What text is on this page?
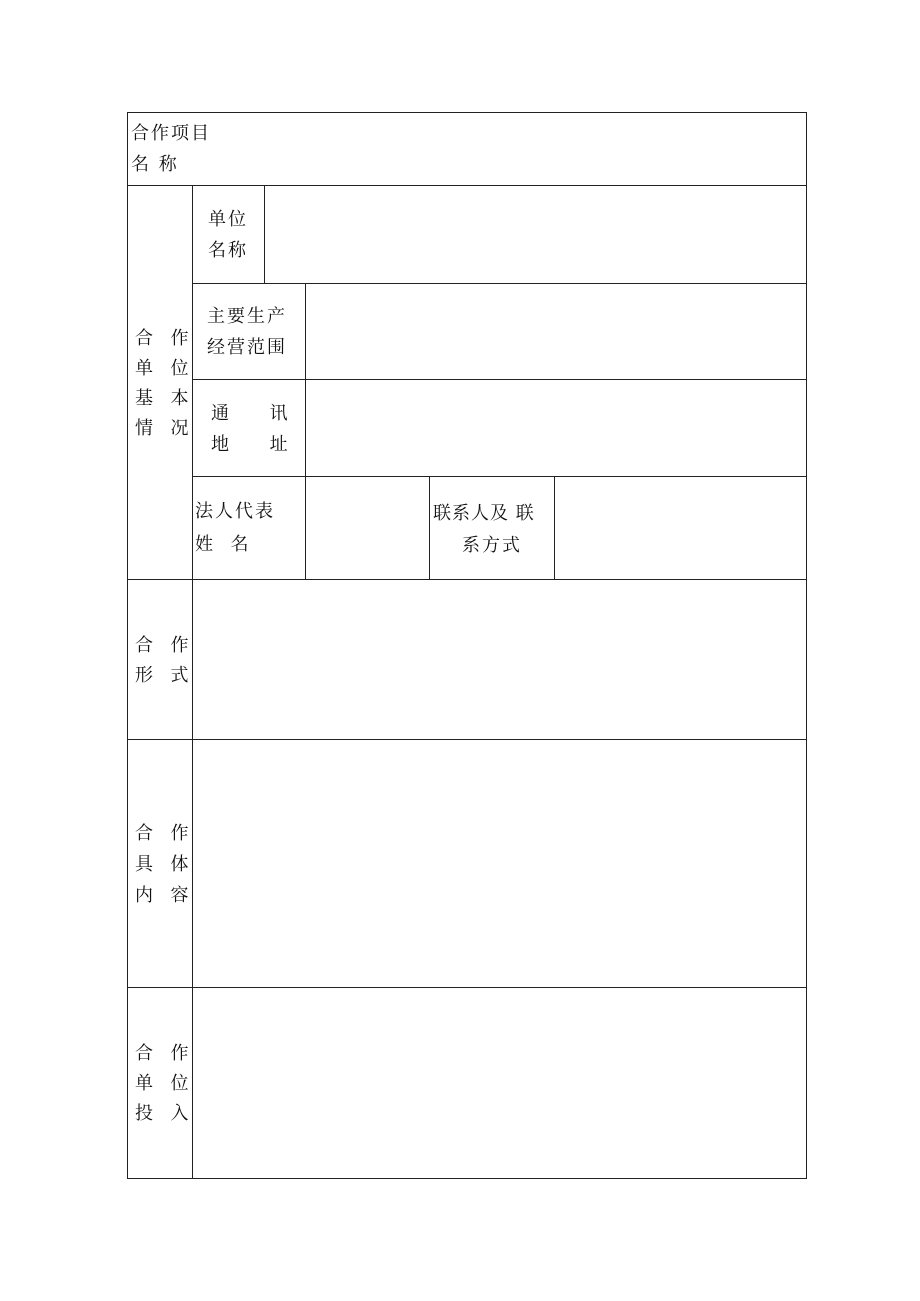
合作项目
名 称
合  作
单  位
基  本
情  况
单位
名称
主要生产
经营范围
通     讯
地     址
法人代表
姓  名
联系人及 联
系方式
合  作
形  式
合  作
具  体
内  容
合  作
单  位
投  入
